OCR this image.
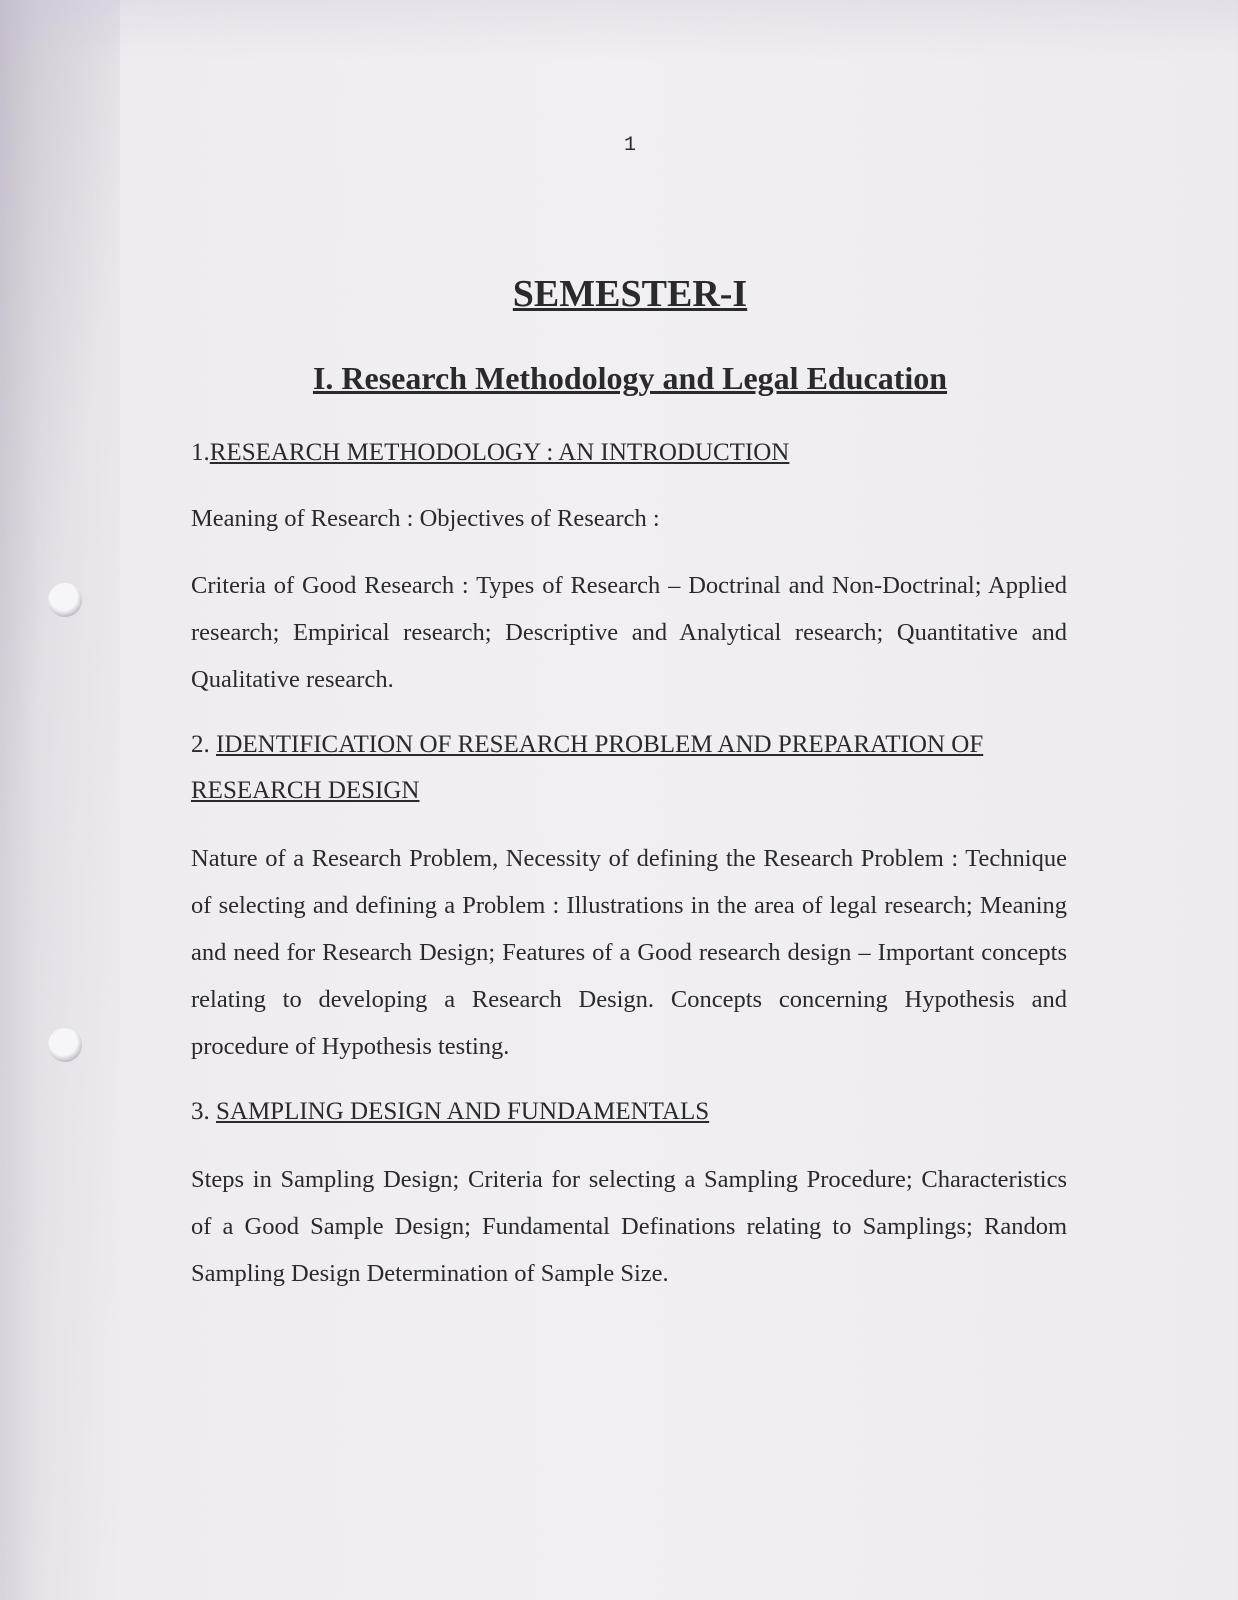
1
SEMESTER-I
I. Research Methodology and Legal Education
1.RESEARCH METHODOLOGY : AN INTRODUCTION
Meaning of Research : Objectives of Research :
Criteria of Good Research : Types of Research – Doctrinal and Non-Doctrinal; Applied research; Empirical research; Descriptive and Analytical research; Quantitative and Qualitative research.
2. IDENTIFICATION OF RESEARCH PROBLEM AND PREPARATION OF RESEARCH DESIGN
Nature of a Research Problem, Necessity of defining the Research Problem : Technique of selecting and defining a Problem : Illustrations in the area of legal research; Meaning and need for Research Design; Features of a Good research design – Important concepts relating to developing a Research Design. Concepts concerning Hypothesis and procedure of Hypothesis testing.
3. SAMPLING DESIGN AND FUNDAMENTALS
Steps in Sampling Design; Criteria for selecting a Sampling Procedure; Characteristics of a Good Sample Design; Fundamental Definations relating to Samplings; Random Sampling Design Determination of Sample Size.
